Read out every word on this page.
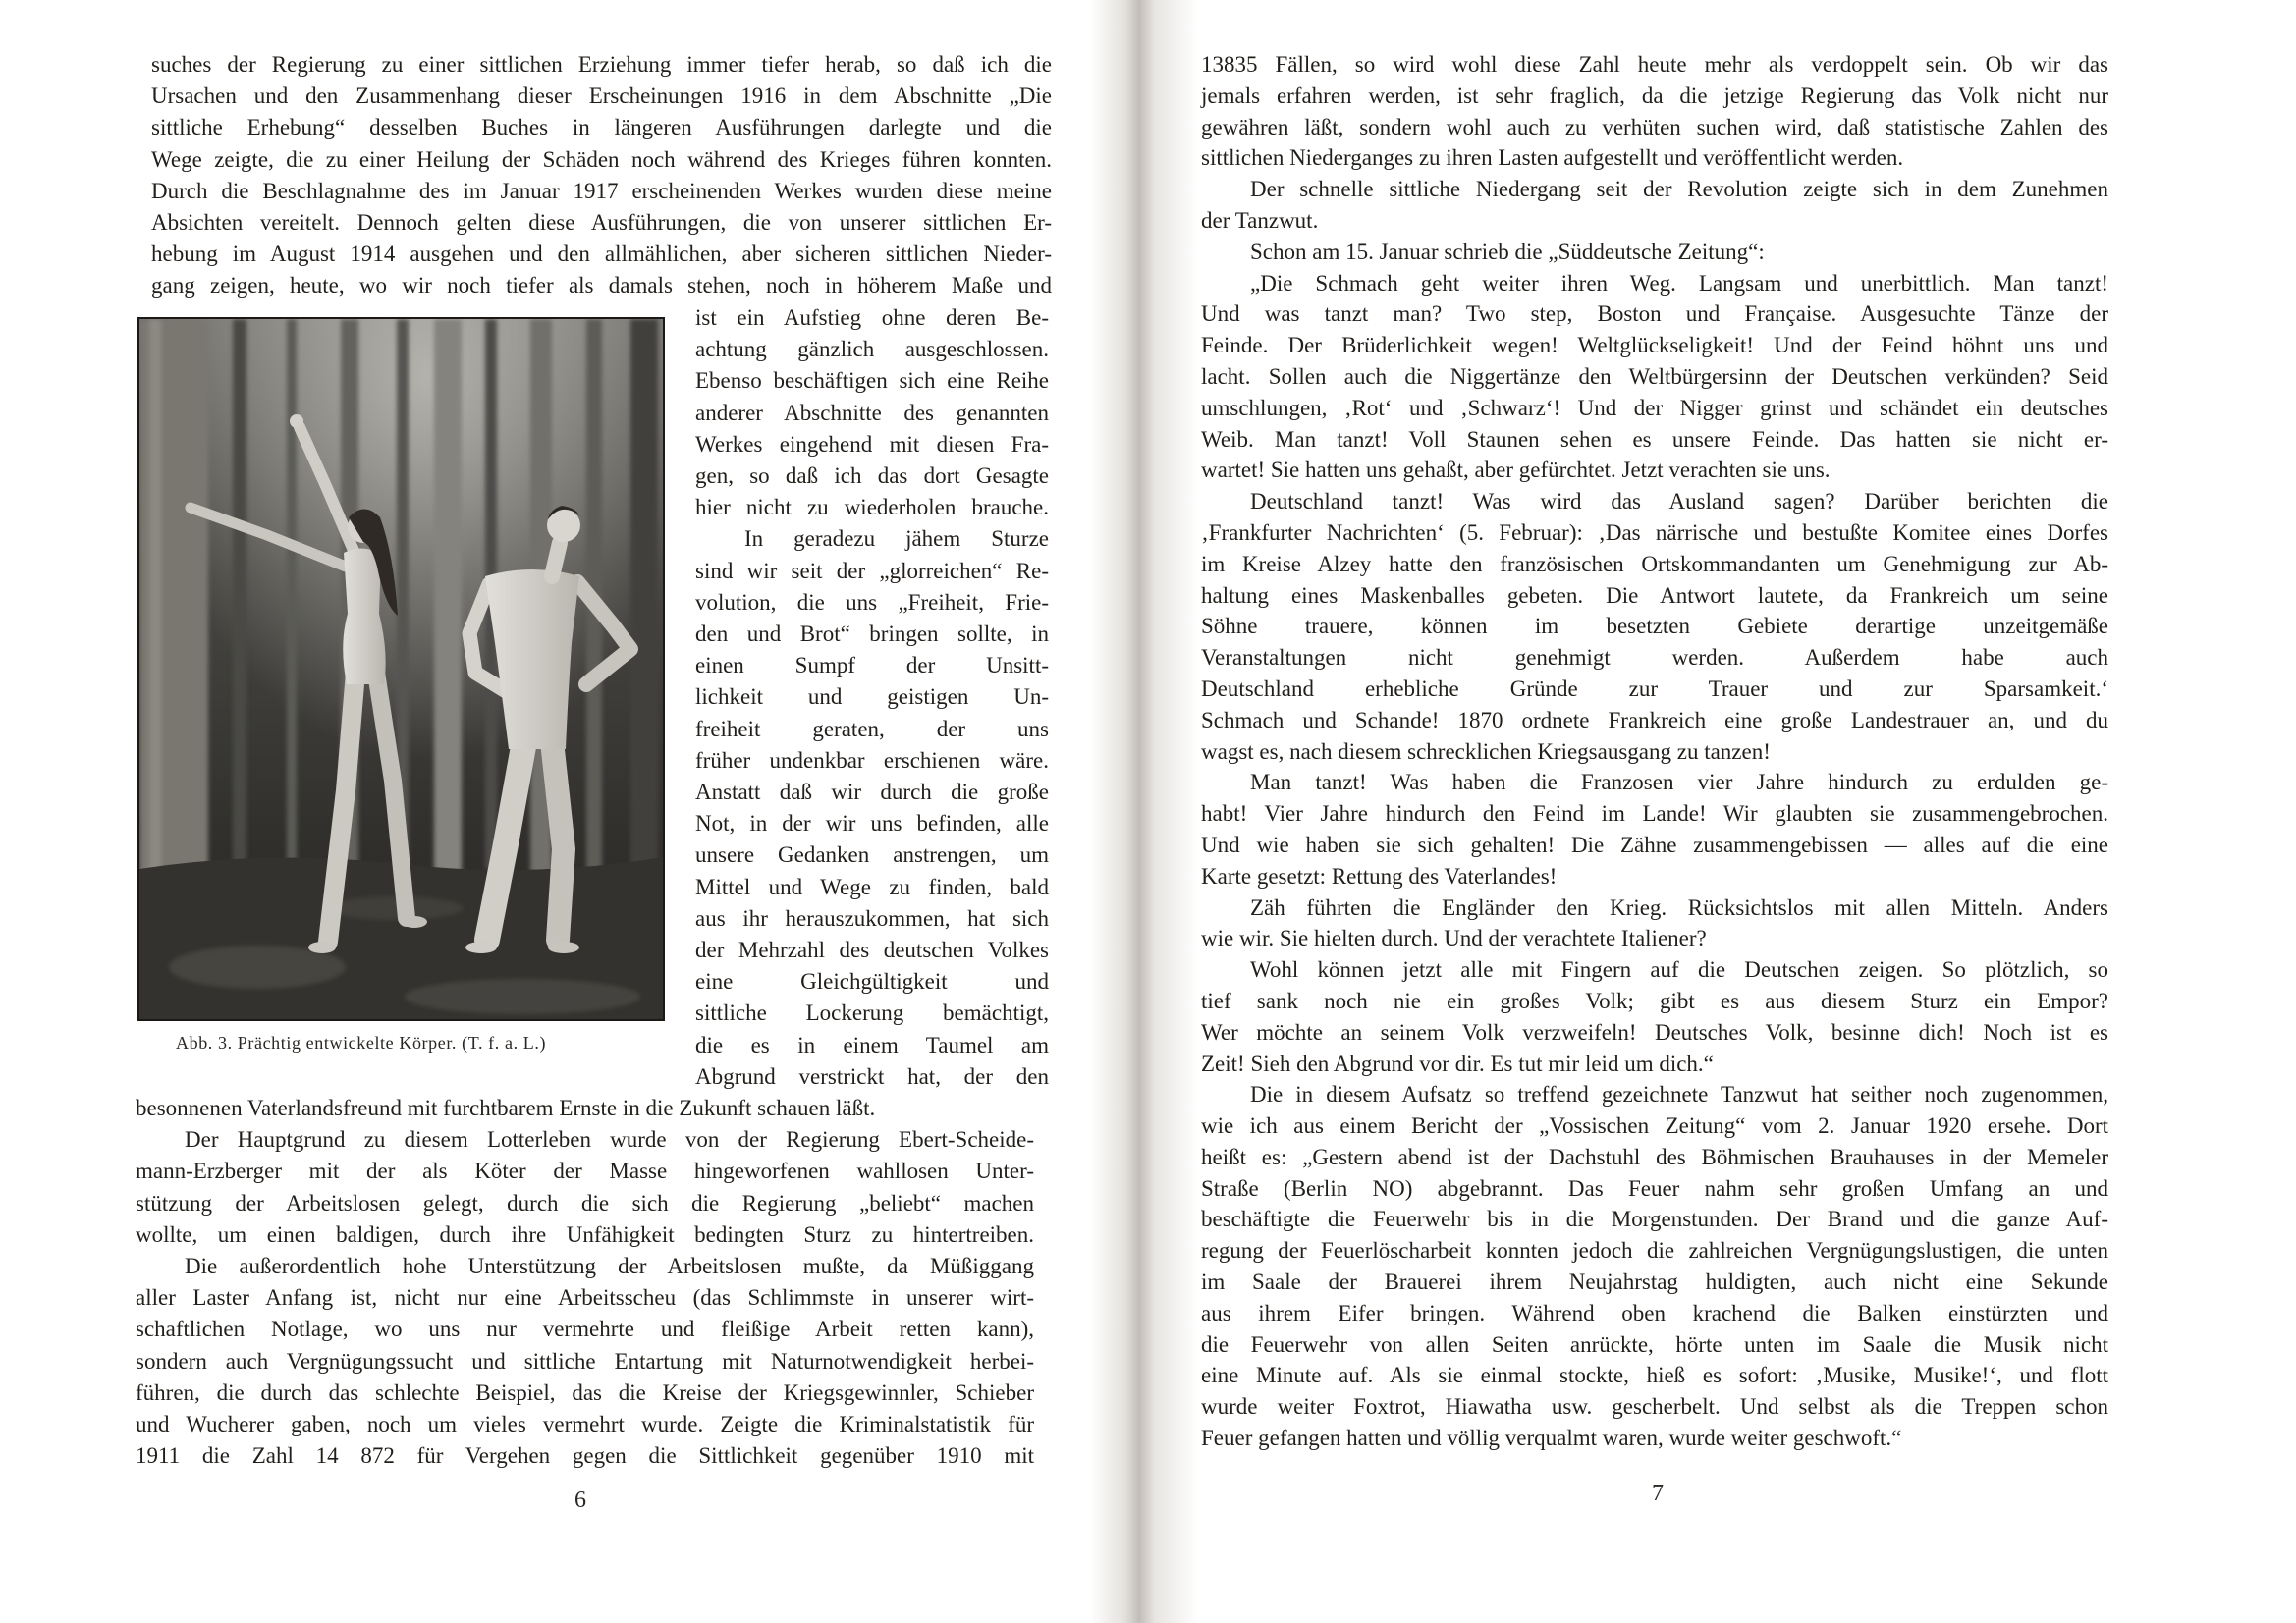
suches der Regierung zu einer sittlichen Erziehung immer tiefer herab, so daß ich die
Ursachen und den Zusammenhang dieser Erscheinungen 1916 in dem Abschnitte „Die
sittliche Erhebung“ desselben Buches in längeren Ausführungen darlegte und die
Wege zeigte, die zu einer Heilung der Schäden noch während des Krieges führen konnten.
Durch die Beschlagnahme des im Januar 1917 erscheinenden Werkes wurden diese meine
Absichten vereitelt. Dennoch gelten diese Ausführungen, die von unserer sittlichen Er-
hebung im August 1914 ausgehen und den allmählichen, aber sicheren sittlichen Nieder-
gang zeigen, heute, wo wir noch tiefer als damals stehen, noch in höherem Maße und
Abb. 3. Prächtig entwickelte Körper. (T. f. a. L.)
ist ein Aufstieg ohne deren Be-
achtung gänzlich ausgeschlossen.
Ebenso beschäftigen sich eine Reihe
anderer Abschnitte des genannten
Werkes eingehend mit diesen Fra-
gen, so daß ich das dort Gesagte
hier nicht zu wiederholen brauche.
In geradezu jähem Sturze
sind wir seit der „glorreichen“ Re-
volution, die uns „Freiheit, Frie-
den und Brot“ bringen sollte, in
einen Sumpf der Unsitt-
lichkeit und geistigen Un-
freiheit geraten, der uns
früher undenkbar erschienen wäre.
Anstatt daß wir durch die große
Not, in der wir uns befinden, alle
unsere Gedanken anstrengen, um
Mittel und Wege zu finden, bald
aus ihr herauszukommen, hat sich
der Mehrzahl des deutschen Volkes
eine Gleichgültigkeit und
sittliche Lockerung bemächtigt,
die es in einem Taumel am
Abgrund verstrickt hat, der den
besonnenen Vaterlandsfreund mit furchtbarem Ernste in die Zukunft schauen läßt.
Der Hauptgrund zu diesem Lotterleben wurde von der Regierung Ebert-Scheide-
mann-Erzberger mit der als Köter der Masse hingeworfenen wahllosen Unter-
stützung der Arbeitslosen gelegt, durch die sich die Regierung „beliebt“ machen
wollte, um einen baldigen, durch ihre Unfähigkeit bedingten Sturz zu hintertreiben.
Die außerordentlich hohe Unterstützung der Arbeitslosen mußte, da Müßiggang
aller Laster Anfang ist, nicht nur eine Arbeitsscheu (das Schlimmste in unserer wirt-
schaftlichen Notlage, wo uns nur vermehrte und fleißige Arbeit retten kann),
sondern auch Vergnügungssucht und sittliche Entartung mit Naturnotwendigkeit herbei-
führen, die durch das schlechte Beispiel, das die Kreise der Kriegsgewinnler, Schieber
und Wucherer gaben, noch um vieles vermehrt wurde. Zeigte die Kriminalstatistik für
1911 die Zahl 14 872 für Vergehen gegen die Sittlichkeit gegenüber 1910 mit
6
13835 Fällen, so wird wohl diese Zahl heute mehr als verdoppelt sein. Ob wir das
jemals erfahren werden, ist sehr fraglich, da die jetzige Regierung das Volk nicht nur
gewähren läßt, sondern wohl auch zu verhüten suchen wird, daß statistische Zahlen des
sittlichen Niederganges zu ihren Lasten aufgestellt und veröffentlicht werden.
Der schnelle sittliche Niedergang seit der Revolution zeigte sich in dem Zunehmen
der Tanzwut.
Schon am 15. Januar schrieb die „Süddeutsche Zeitung“:
„Die Schmach geht weiter ihren Weg. Langsam und unerbittlich. Man tanzt!
Und was tanzt man? Two step, Boston und Française. Ausgesuchte Tänze der
Feinde. Der Brüderlichkeit wegen! Weltglückseligkeit! Und der Feind höhnt uns und
lacht. Sollen auch die Niggertänze den Weltbürgersinn der Deutschen verkünden? Seid
umschlungen, ‚Rot‘ und ‚Schwarz‘! Und der Nigger grinst und schändet ein deutsches
Weib. Man tanzt! Voll Staunen sehen es unsere Feinde. Das hatten sie nicht er-
wartet! Sie hatten uns gehaßt, aber gefürchtet. Jetzt verachten sie uns.
Deutschland tanzt! Was wird das Ausland sagen? Darüber berichten die
‚Frankfurter Nachrichten‘ (5. Februar): ‚Das närrische und bestußte Komitee eines Dorfes
im Kreise Alzey hatte den französischen Ortskommandanten um Genehmigung zur Ab-
haltung eines Maskenballes gebeten. Die Antwort lautete, da Frankreich um seine
Söhne trauere, können im besetzten Gebiete derartige unzeitgemäße
Veranstaltungen nicht genehmigt werden. Außerdem habe auch
Deutschland erhebliche Gründe zur Trauer und zur Sparsamkeit.‘
Schmach und Schande! 1870 ordnete Frankreich eine große Landestrauer an, und du
wagst es, nach diesem schrecklichen Kriegsausgang zu tanzen!
Man tanzt! Was haben die Franzosen vier Jahre hindurch zu erdulden ge-
habt! Vier Jahre hindurch den Feind im Lande! Wir glaubten sie zusammengebrochen.
Und wie haben sie sich gehalten! Die Zähne zusammengebissen — alles auf die eine
Karte gesetzt: Rettung des Vaterlandes!
Zäh führten die Engländer den Krieg. Rücksichtslos mit allen Mitteln. Anders
wie wir. Sie hielten durch. Und der verachtete Italiener?
Wohl können jetzt alle mit Fingern auf die Deutschen zeigen. So plötzlich, so
tief sank noch nie ein großes Volk; gibt es aus diesem Sturz ein Empor?
Wer möchte an seinem Volk verzweifeln! Deutsches Volk, besinne dich! Noch ist es
Zeit! Sieh den Abgrund vor dir. Es tut mir leid um dich.“
Die in diesem Aufsatz so treffend gezeichnete Tanzwut hat seither noch zugenommen,
wie ich aus einem Bericht der „Vossischen Zeitung“ vom 2. Januar 1920 ersehe. Dort
heißt es: „Gestern abend ist der Dachstuhl des Böhmischen Brauhauses in der Memeler
Straße (Berlin NO) abgebrannt. Das Feuer nahm sehr großen Umfang an und
beschäftigte die Feuerwehr bis in die Morgenstunden. Der Brand und die ganze Auf-
regung der Feuerlöscharbeit konnten jedoch die zahlreichen Vergnügungslustigen, die unten
im Saale der Brauerei ihrem Neujahrstag huldigten, auch nicht eine Sekunde
aus ihrem Eifer bringen. Während oben krachend die Balken einstürzten und
die Feuerwehr von allen Seiten anrückte, hörte unten im Saale die Musik nicht
eine Minute auf. Als sie einmal stockte, hieß es sofort: ‚Musike, Musike!‘, und flott
wurde weiter Foxtrot, Hiawatha usw. gescherbelt. Und selbst als die Treppen schon
Feuer gefangen hatten und völlig verqualmt waren, wurde weiter geschwoft.“
7
